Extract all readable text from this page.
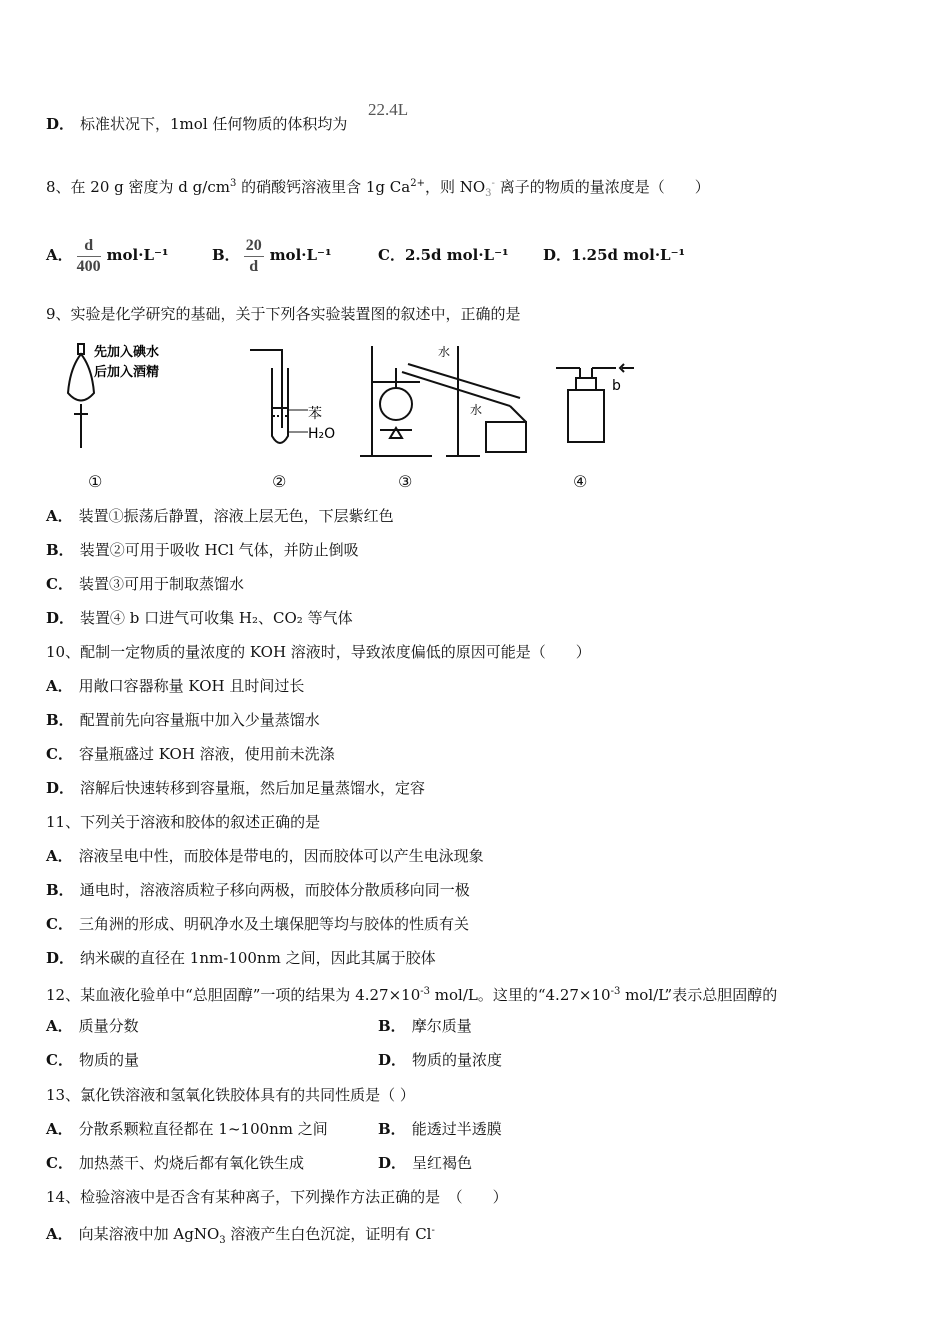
D． 标准状况下，1mol 任何物质的体积均为
22.4L
8、在 20 g 密度为 d $g/cm^3$ 的硝酸钙溶液里含 1g $Ca^{2+}$，则 $NO_3^-$ 离子的物质的量浓度是（　　）
A． $\frac{d}{400} mol\cdot L^{-1}$	B． $\frac{20}{d} mol\cdot L^{-1}$	C．2.5d mol·L⁻¹ D．1.25d mol·L⁻¹
9、实验是化学研究的基础，关于下列各实验装置图的叙述中，正确的是
先加入碘水
后加入酒精
苯
H₂O
水
水
b
①	②	③	④
A． 装置①振荡后静置，溶液上层无色，下层紫红色
B． 装置②可用于吸收 HCl 气体，并防止倒吸
C． 装置③可用于制取蒸馏水
D． 装置④ b 口进气可收集 H₂、CO₂ 等气体
10、配制一定物质的量浓度的 KOH 溶液时，导致浓度偏低的原因可能是（　　）
A． 用敞口容器称量 KOH 且时间过长
B． 配置前先向容量瓶中加入少量蒸馏水
C． 容量瓶盛过 KOH 溶液，使用前未洗涤
D． 溶解后快速转移到容量瓶，然后加足量蒸馏水，定容
11、下列关于溶液和胶体的叙述正确的是
A． 溶液呈电中性，而胶体是带电的，因而胶体可以产生电泳现象
B． 通电时，溶液溶质粒子移向两极，而胶体分散质移向同一极
C． 三角洲的形成、明矾净水及土壤保肥等均与胶体的性质有关
D． 纳米碳的直径在 1nm-100nm 之间，因此其属于胶体
12、某血液化验单中“总胆固醇”一项的结果为 $4.27\times 10^{-3}$ mol/L。这里的“$4.27\times 10^{-3}$ mol/L”表示总胆固醇的
A． 质量分数	B． 摩尔质量
C． 物质的量	D． 物质的量浓度
13、氯化铁溶液和氢氧化铁胶体具有的共同性质是（ ）
A． 分散系颗粒直径都在 1~100nm 之间	B． 能透过半透膜
C． 加热蒸干、灼烧后都有氧化铁生成	D． 呈红褐色
14、检验溶液中是否含有某种离子，下列操作方法正确的是　（　　）
A． 向某溶液中加 AgNO$_3$ 溶液产生白色沉淀，证明有 Cl-
